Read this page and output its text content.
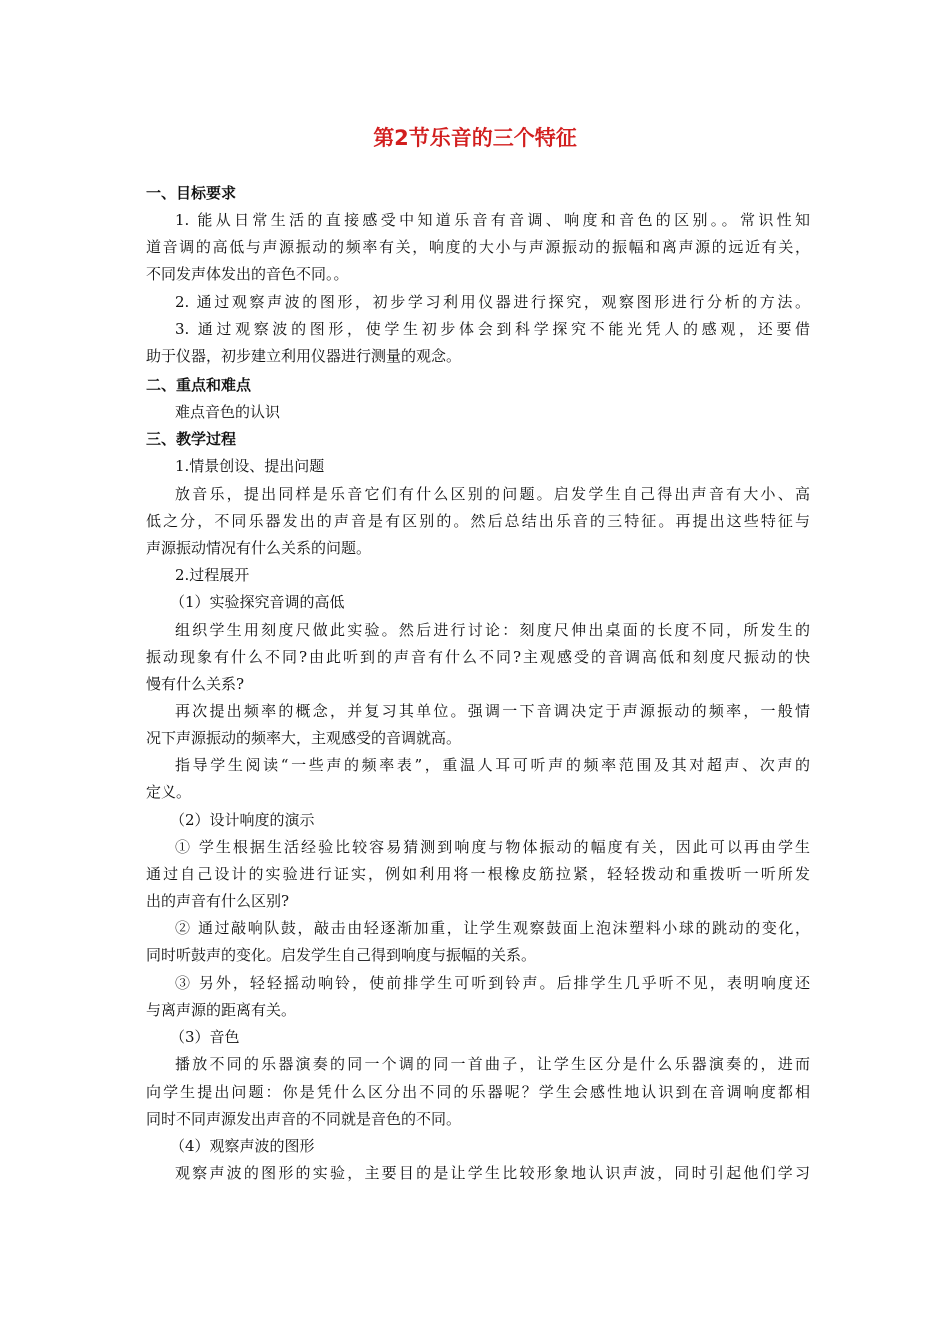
第2节乐音的三个特征
一、目标要求
1. 能从日常生活的直接感受中知道乐音有音调、响度和音色的区别。。常识性知
道音调的高低与声源振动的频率有关，响度的大小与声源振动的振幅和离声源的远近有关，
不同发声体发出的音色不同。。
2. 通过观察声波的图形，初步学习利用仪器进行探究，观察图形进行分析的方法。
3. 通过观察波的图形，使学生初步体会到科学探究不能光凭人的感观，还要借
助于仪器，初步建立利用仪器进行测量的观念。
二、重点和难点
难点音色的认识
三、教学过程
1.情景创设、提出问题
放音乐，提出同样是乐音它们有什么区别的问题。启发学生自己得出声音有大小、高
低之分，不同乐器发出的声音是有区别的。然后总结出乐音的三特征。再提出这些特征与
声源振动情况有什么关系的问题。
2.过程展开
（1）实验探究音调的高低
组织学生用刻度尺做此实验。然后进行讨论：刻度尺伸出桌面的长度不同，所发生的
振动现象有什么不同?由此听到的声音有什么不同?主观感受的音调高低和刻度尺振动的快
慢有什么关系?
再次提出频率的概念，并复习其单位。强调一下音调决定于声源振动的频率，一般情
况下声源振动的频率大，主观感受的音调就高。
指导学生阅读“一些声的频率表”，重温人耳可听声的频率范围及其对超声、次声的
定义。
（2）设计响度的演示
① 学生根据生活经验比较容易猜测到响度与物体振动的幅度有关，因此可以再由学生
通过自己设计的实验进行证实，例如利用将一根橡皮筋拉紧，轻轻拨动和重拨听一听所发
出的声音有什么区别?
② 通过敲响队鼓，敲击由轻逐渐加重，让学生观察鼓面上泡沫塑料小球的跳动的变化，
同时听鼓声的变化。启发学生自己得到响度与振幅的关系。
③ 另外，轻轻摇动响铃，使前排学生可听到铃声。后排学生几乎听不见，表明响度还
与离声源的距离有关。
（3）音色
播放不同的乐器演奏的同一个调的同一首曲子，让学生区分是什么乐器演奏的，进而
向学生提出问题：你是凭什么区分出不同的乐器呢？学生会感性地认识到在音调响度都相
同时不同声源发出声音的不同就是音色的不同。
（4）观察声波的图形
观察声波的图形的实验，主要目的是让学生比较形象地认识声波，同时引起他们学习
